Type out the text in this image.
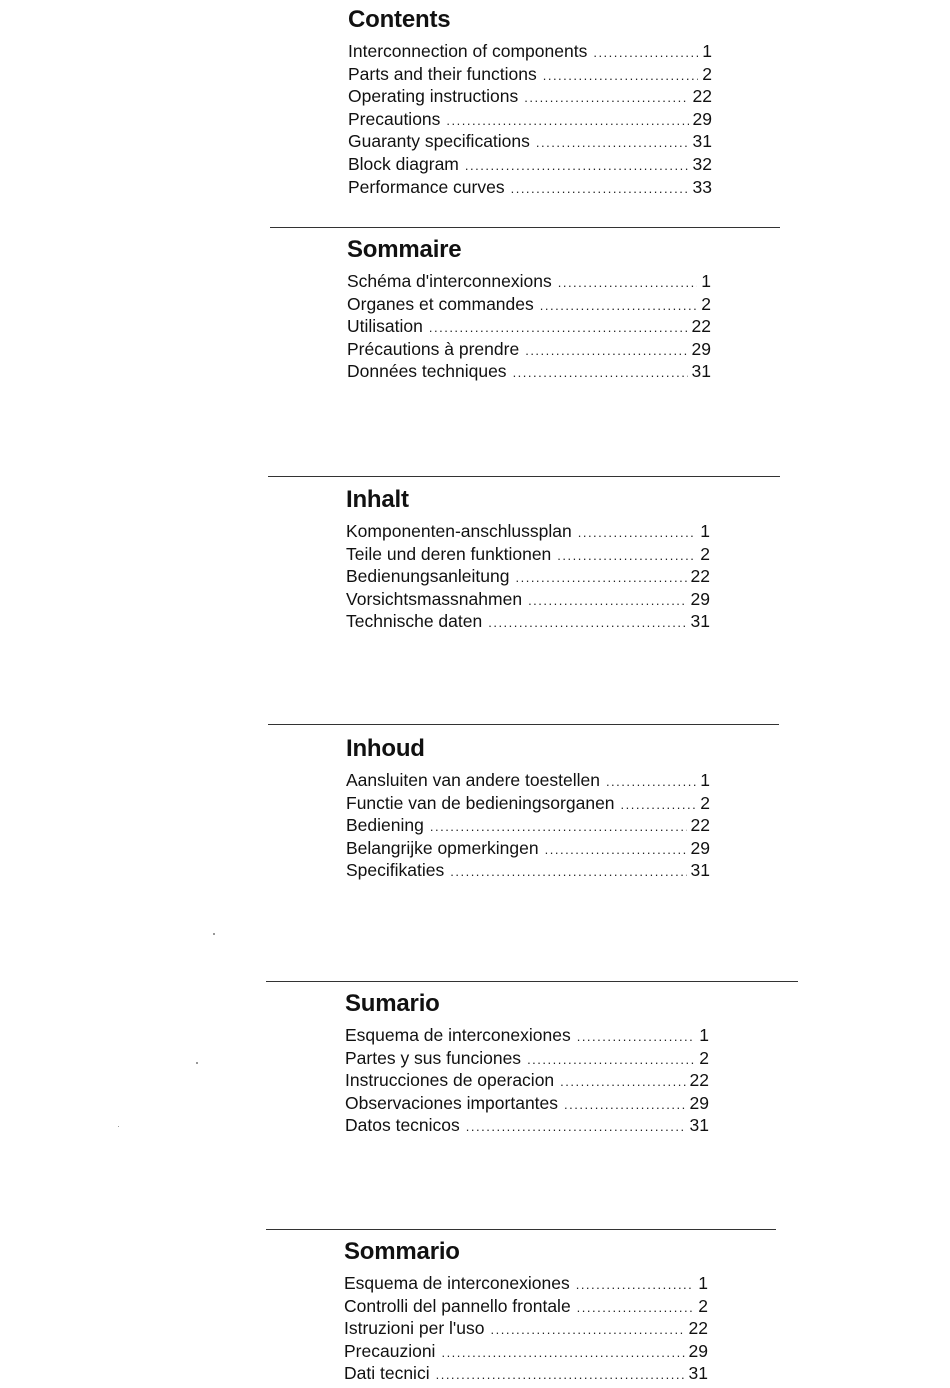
Contents
Interconnection of components .....	1
Parts and their functions .....	2
Operating instructions .....	22
Precautions .....	29
Guaranty specifications .....	31
Block diagram .....	32
Performance curves .....	33
Sommaire
Schéma d'interconnexions .....	1
Organes et commandes .....	2
Utilisation .....	22
Précautions à prendre .....	29
Données techniques .....	31
Inhalt
Komponenten-anschlussplan .....	1
Teile und deren funktionen .....	2
Bedienungsanleitung .....	22
Vorsichtsmassnahmen .....	29
Technische daten .....	31
Inhoud
Aansluiten van andere toestellen .....	1
Functie van de bedieningsorganen .....	2
Bediening .....	22
Belangrijke opmerkingen .....	29
Specifikaties .....	31
Sumario
Esquema de interconexiones .....	1
Partes y sus funciones .....	2
Instrucciones de operacion .....	22
Observaciones importantes .....	29
Datos tecnicos .....	31
Sommario
Esquema de interconexiones .....	1
Controlli del pannello frontale .....	2
Istruzioni per l'uso .....	22
Precauzioni .....	29
Dati tecnici .....	31
